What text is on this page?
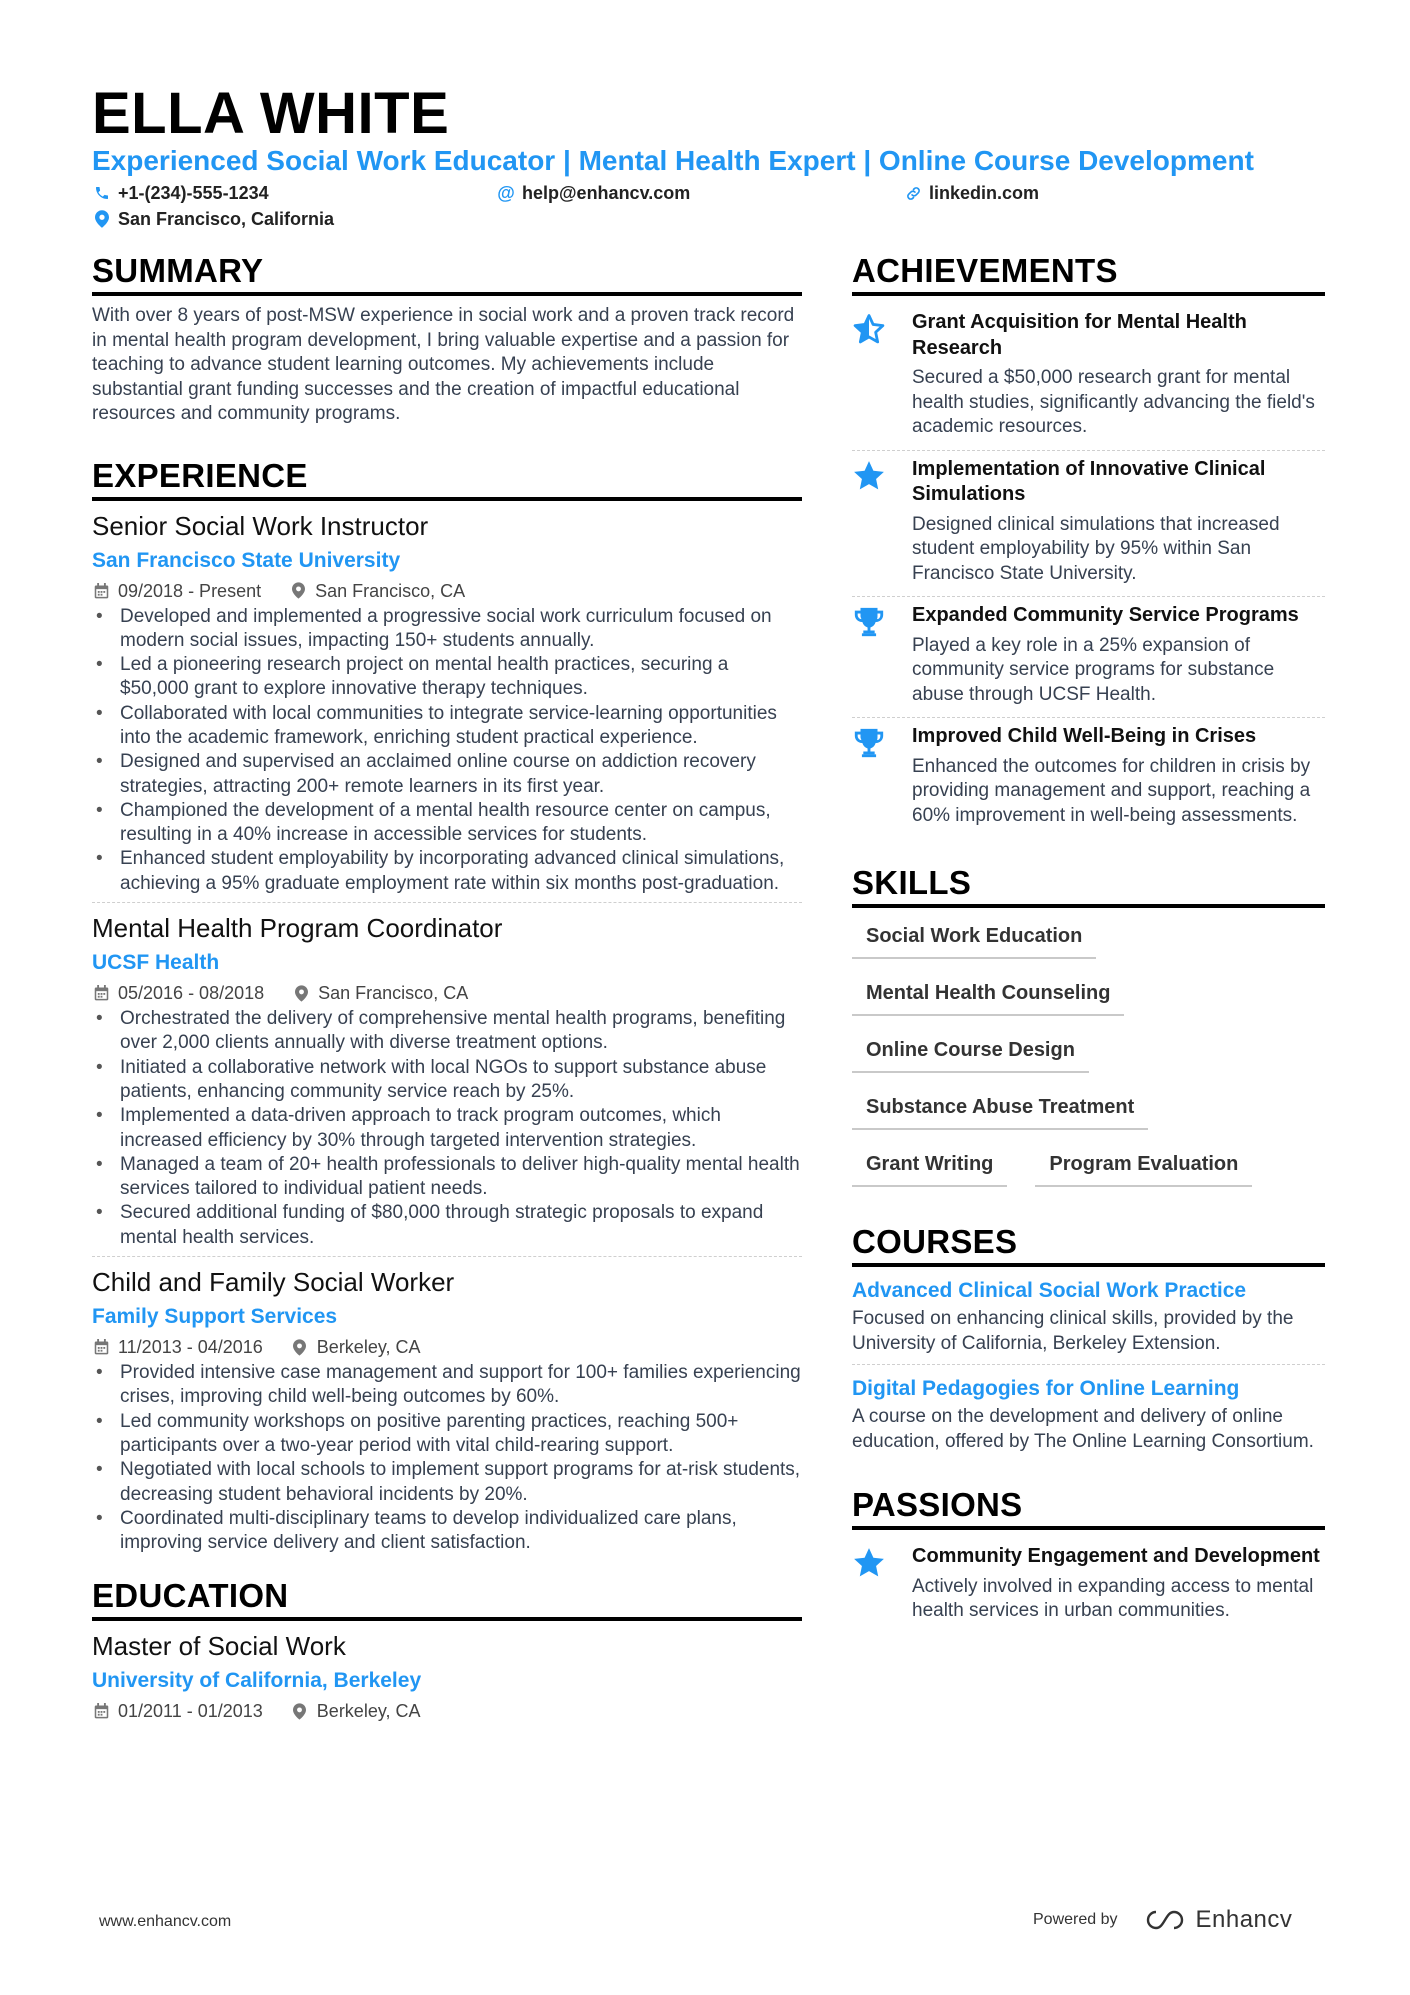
ELLA WHITE
Experienced Social Work Educator | Mental Health Expert | Online Course Development
+1-(234)-555-1234	@ help@enhancv.com	linkedin.com
San Francisco, California
SUMMARY
With over 8 years of post-MSW experience in social work and a proven track record in mental health program development, I bring valuable expertise and a passion for teaching to advance student learning outcomes. My achievements include substantial grant funding successes and the creation of impactful educational resources and community programs.
EXPERIENCE
Senior Social Work Instructor
San Francisco State University
09/2018 - Present	San Francisco, CA
• Developed and implemented a progressive social work curriculum focused on modern social issues, impacting 150+ students annually.
• Led a pioneering research project on mental health practices, securing a $50,000 grant to explore innovative therapy techniques.
• Collaborated with local communities to integrate service-learning opportunities into the academic framework, enriching student practical experience.
• Designed and supervised an acclaimed online course on addiction recovery strategies, attracting 200+ remote learners in its first year.
• Championed the development of a mental health resource center on campus, resulting in a 40% increase in accessible services for students.
• Enhanced student employability by incorporating advanced clinical simulations, achieving a 95% graduate employment rate within six months post-graduation.
Mental Health Program Coordinator
UCSF Health
05/2016 - 08/2018	San Francisco, CA
• Orchestrated the delivery of comprehensive mental health programs, benefiting over 2,000 clients annually with diverse treatment options.
• Initiated a collaborative network with local NGOs to support substance abuse patients, enhancing community service reach by 25%.
• Implemented a data-driven approach to track program outcomes, which increased efficiency by 30% through targeted intervention strategies.
• Managed a team of 20+ health professionals to deliver high-quality mental health services tailored to individual patient needs.
• Secured additional funding of $80,000 through strategic proposals to expand mental health services.
Child and Family Social Worker
Family Support Services
11/2013 - 04/2016	Berkeley, CA
• Provided intensive case management and support for 100+ families experiencing crises, improving child well-being outcomes by 60%.
• Led community workshops on positive parenting practices, reaching 500+ participants over a two-year period with vital child-rearing support.
• Negotiated with local schools to implement support programs for at-risk students, decreasing student behavioral incidents by 20%.
• Coordinated multi-disciplinary teams to develop individualized care plans, improving service delivery and client satisfaction.
EDUCATION
Master of Social Work
University of California, Berkeley
01/2011 - 01/2013	Berkeley, CA
ACHIEVEMENTS
Grant Acquisition for Mental Health Research
Secured a $50,000 research grant for mental health studies, significantly advancing the field's academic resources.
Implementation of Innovative Clinical Simulations
Designed clinical simulations that increased student employability by 95% within San Francisco State University.
Expanded Community Service Programs
Played a key role in a 25% expansion of community service programs for substance abuse through UCSF Health.
Improved Child Well-Being in Crises
Enhanced the outcomes for children in crisis by providing management and support, reaching a 60% improvement in well-being assessments.
SKILLS
Social Work Education
Mental Health Counseling
Online Course Design
Substance Abuse Treatment
Grant Writing	Program Evaluation
COURSES
Advanced Clinical Social Work Practice
Focused on enhancing clinical skills, provided by the University of California, Berkeley Extension.
Digital Pedagogies for Online Learning
A course on the development and delivery of online education, offered by The Online Learning Consortium.
PASSIONS
Community Engagement and Development
Actively involved in expanding access to mental health services in urban communities.
www.enhancv.com	Powered by	Enhancv
